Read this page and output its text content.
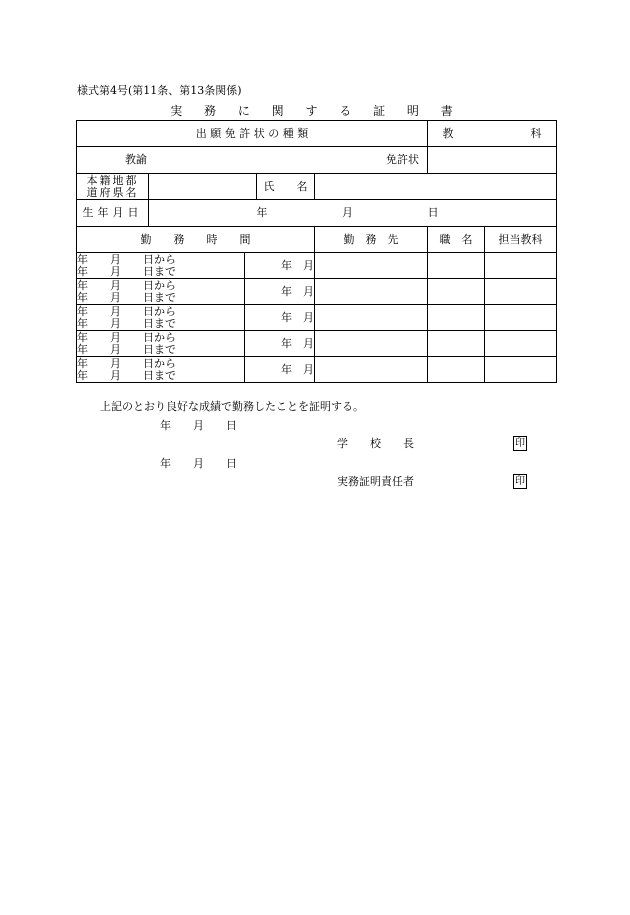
様式第4号(第11条、第13条関係)
実 務 に 関 す る 証 明 書
出 願 免 許 状 の 種 類					教　　　　　　　科	

教諭 免許状						

本籍地都
道府県名			氏　　名			
生年月日	年 月 日					

勤　　務　　時　　間				勤　務　先	職　名	担当教科

年　　月　　日から
年　　月　　日まで		年　月				

年　　月　　日から
年　　月　　日まで		年　月				

年　　月　　日から
年　　月　　日まで		年　月				

年　　月　　日から
年　　月　　日まで		年　月				

年　　月　　日から
年　　月　　日まで		年　月				
上記のとおり良好な成績で勤務したことを証明する。
年　　月　　日
学　　校　　長	印
年　　月　　日
実務証明責任者	印
